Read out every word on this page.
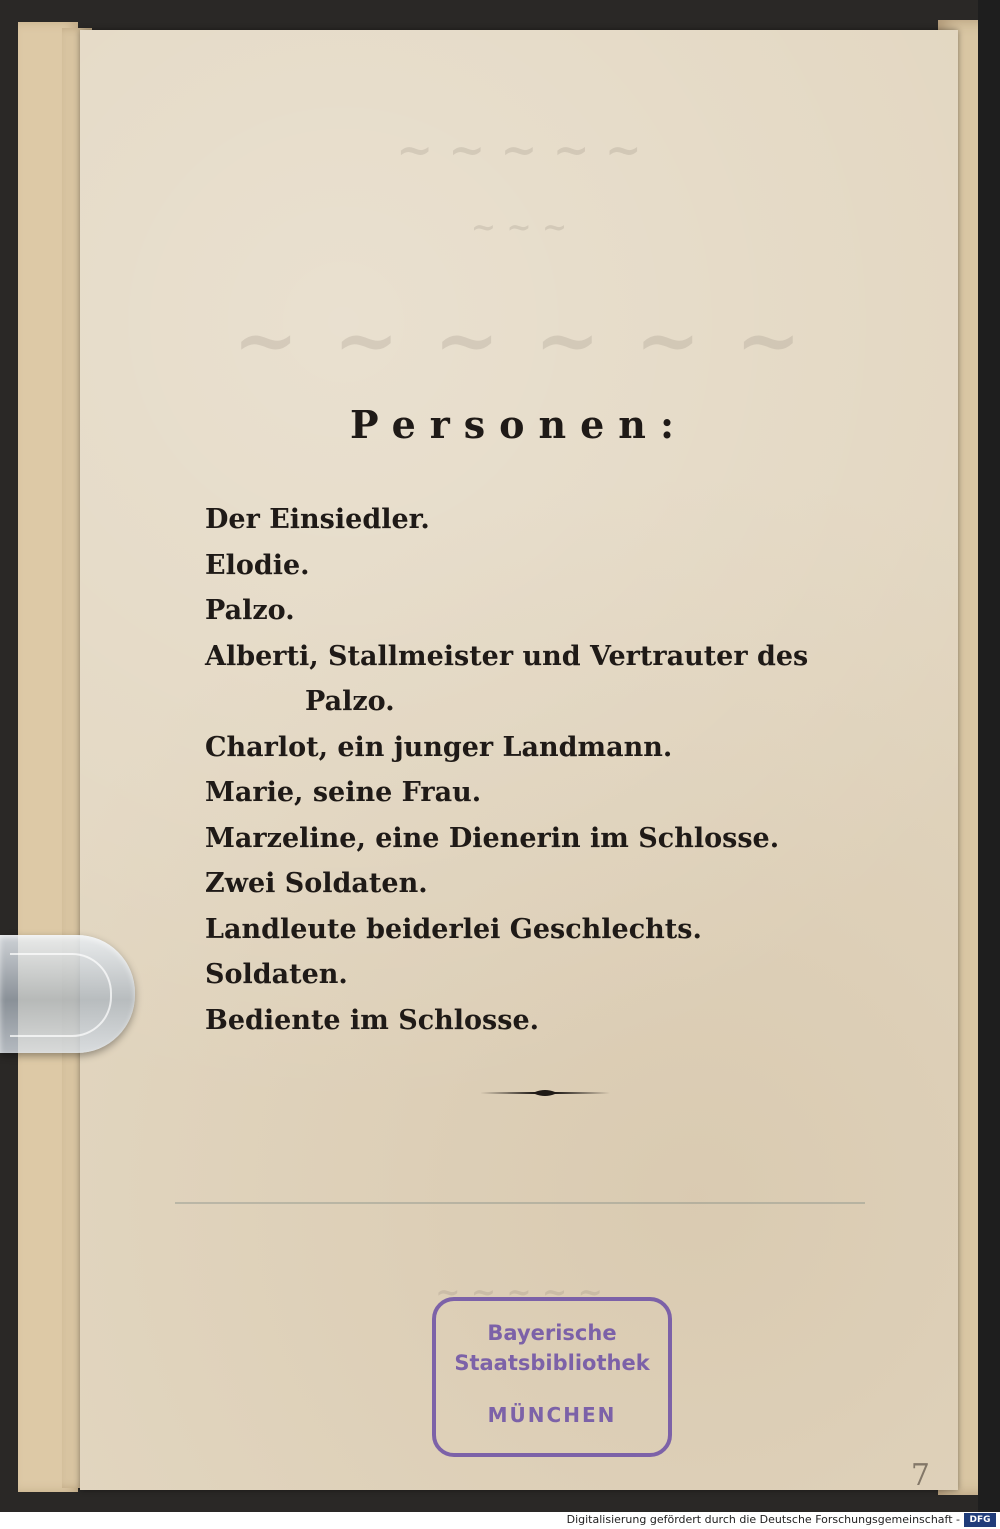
~ ~ ~ ~ ~
~ ~ ~
~ ~ ~ ~ ~ ~
~ ~ ~ ~ ~
Personen:
Der Einsiedler.
Elodie.
Palzo.
Alberti, Stallmeister und Vertrauter des
Palzo.
Charlot, ein junger Landmann.
Marie, seine Frau.
Marzeline, eine Dienerin im Schlosse.
Zwei Soldaten.
Landleute beiderlei Geschlechts.
Soldaten.
Bediente im Schlosse.
Bayerische
Staatsbibliothek
MÜNCHEN
7
Digitalisierung gefördert durch die Deutsche Forschungsgemeinschaft -	DFG
